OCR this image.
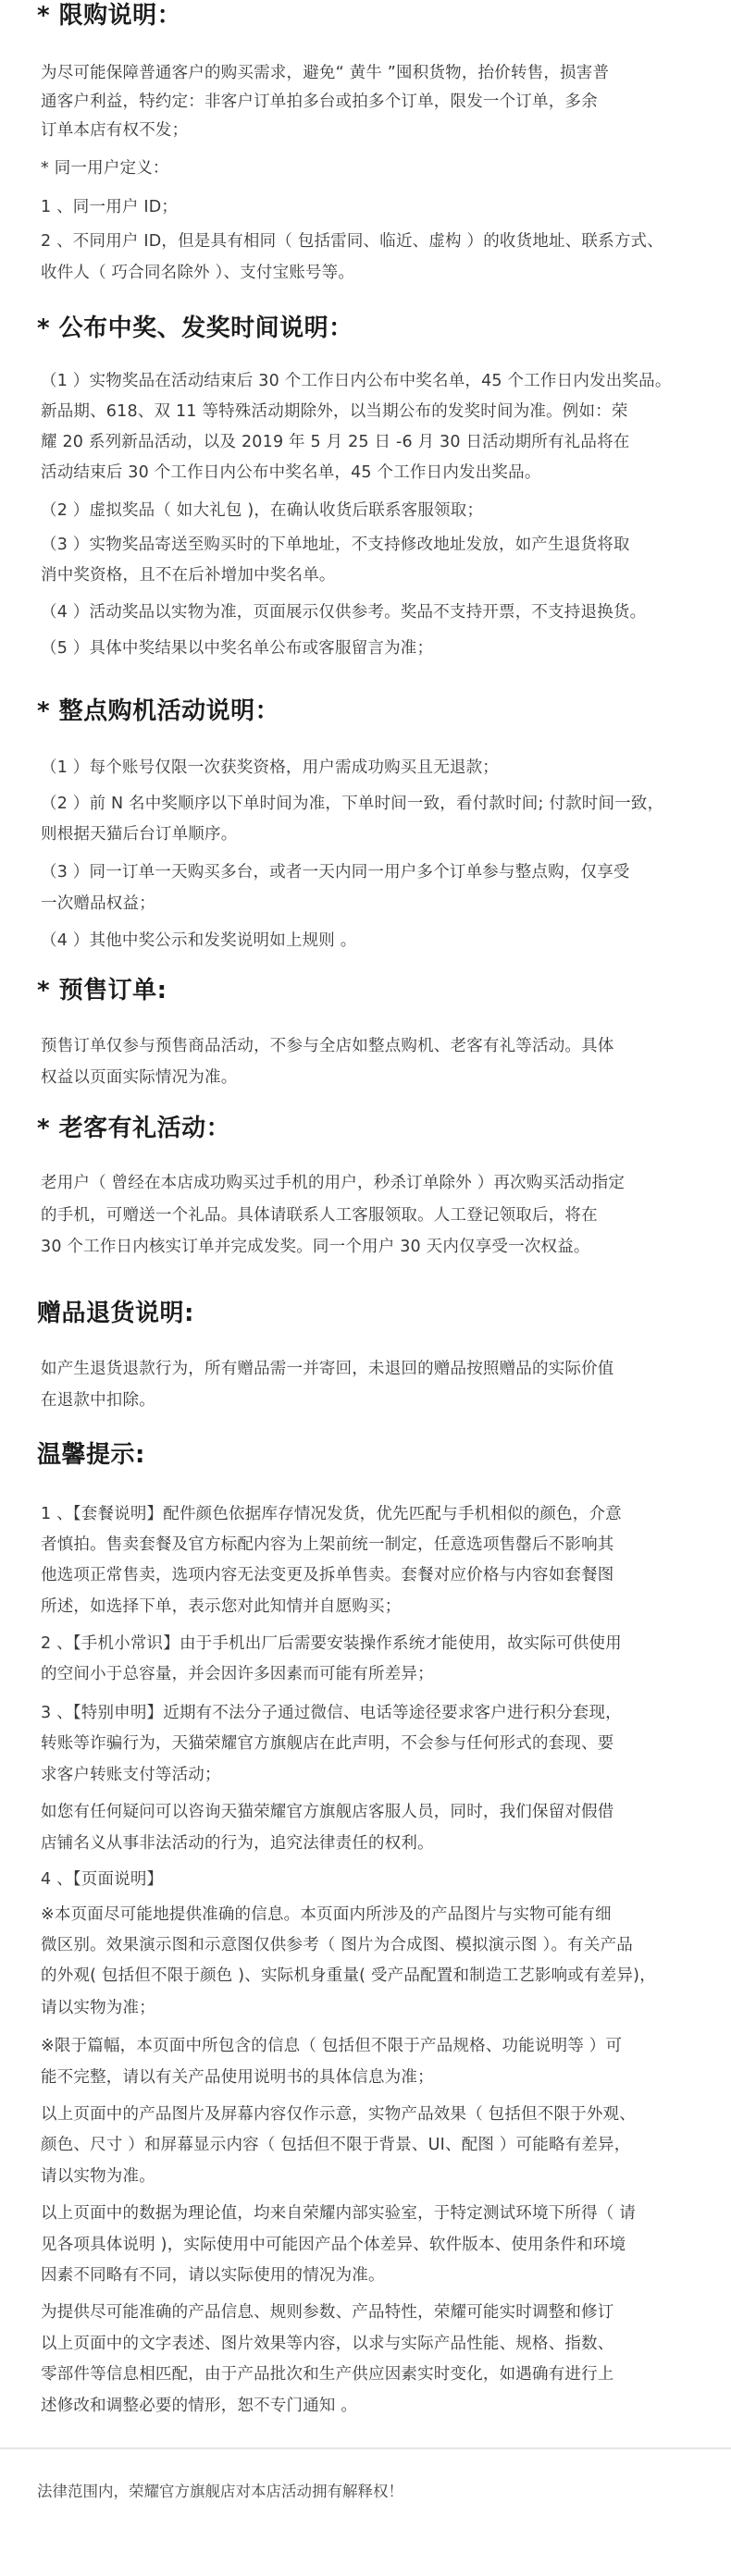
* 限购说明：
为尽可能保障普通客户的购买需求，避免“ 黄牛 ”囤积货物，抬价转售，损害普
通客户利益，特约定：非客户订单拍多台或拍多个订单，限发一个订单，多余
订单本店有权不发；
* 同一用户定义：
1 、同一用户 ID；
2 、不同用户 ID，但是具有相同（ 包括雷同、临近、虚构 ）的收货地址、联系方式、
收件人（ 巧合同名除外 ）、支付宝账号等。
* 公布中奖、发奖时间说明：
（1 ）实物奖品在活动结束后 30 个工作日内公布中奖名单，45 个工作日内发出奖品。
新品期、618、双 11 等特殊活动期除外，以当期公布的发奖时间为准。例如：荣
耀 20 系列新品活动，以及 2019 年 5 月 25 日 -6 月 30 日活动期所有礼品将在
活动结束后 30 个工作日内公布中奖名单，45 个工作日内发出奖品。
（2 ）虚拟奖品（ 如大礼包 )，在确认收货后联系客服领取；
（3 ）实物奖品寄送至购买时的下单地址，不支持修改地址发放，如产生退货将取
消中奖资格，且不在后补增加中奖名单。
（4 ）活动奖品以实物为准，页面展示仅供参考。奖品不支持开票，不支持退换货。
（5 ）具体中奖结果以中奖名单公布或客服留言为准；
* 整点购机活动说明：
（1 ）每个账号仅限一次获奖资格，用户需成功购买且无退款；
（2 ）前 N 名中奖顺序以下单时间为准，下单时间一致，看付款时间; 付款时间一致，
则根据天猫后台订单顺序。
（3 ）同一订单一天购买多台，或者一天内同一用户多个订单参与整点购，仅享受
一次赠品权益；
（4 ）其他中奖公示和发奖说明如上规则 。
* 预售订单:
预售订单仅参与预售商品活动，不参与全店如整点购机、老客有礼等活动。具体
权益以页面实际情况为准。
* 老客有礼活动：
老用户（ 曾经在本店成功购买过手机的用户，秒杀订单除外 ）再次购买活动指定
的手机，可赠送一个礼品。具体请联系人工客服领取。人工登记领取后，将在
30 个工作日内核实订单并完成发奖。同一个用户 30 天内仅享受一次权益。
赠品退货说明:
如产生退货退款行为，所有赠品需一并寄回，未退回的赠品按照赠品的实际价值
在退款中扣除。
温馨提示:
1 、【套餐说明】配件颜色依据库存情况发货，优先匹配与手机相似的颜色，介意
者慎拍。售卖套餐及官方标配内容为上架前统一制定，任意选项售罄后不影响其
他选项正常售卖，选项内容无法变更及拆单售卖。套餐对应价格与内容如套餐图
所述，如选择下单，表示您对此知情并自愿购买；
2 、【手机小常识】由于手机出厂后需要安装操作系统才能使用，故实际可供使用
的空间小于总容量，并会因许多因素而可能有所差异；
3 、【特别申明】近期有不法分子通过微信、电话等途径要求客户进行积分套现，
转账等诈骗行为，天猫荣耀官方旗舰店在此声明，不会参与任何形式的套现、要
求客户转账支付等活动；
如您有任何疑问可以咨询天猫荣耀官方旗舰店客服人员，同时，我们保留对假借
店铺名义从事非法活动的行为，追究法律责任的权利。
4 、【页面说明】
※本页面尽可能地提供准确的信息。本页面内所涉及的产品图片与实物可能有细
微区别。效果演示图和示意图仅供参考（ 图片为合成图、模拟演示图 ）。有关产品
的外观( 包括但不限于颜色 )、实际机身重量( 受产品配置和制造工艺影响或有差异)，
请以实物为准；
※限于篇幅，本页面中所包含的信息（ 包括但不限于产品规格、功能说明等 ）可
能不完整，请以有关产品使用说明书的具体信息为准；
以上页面中的产品图片及屏幕内容仅作示意，实物产品效果（ 包括但不限于外观、
颜色、尺寸 ）和屏幕显示内容（ 包括但不限于背景、UI、配图 ）可能略有差异，
请以实物为准。
以上页面中的数据为理论值，均来自荣耀内部实验室，于特定测试环境下所得（ 请
见各项具体说明 )，实际使用中可能因产品个体差异、软件版本、使用条件和环境
因素不同略有不同，请以实际使用的情况为准。
为提供尽可能准确的产品信息、规则参数、产品特性，荣耀可能实时调整和修订
以上页面中的文字表述、图片效果等内容，以求与实际产品性能、规格、指数、
零部件等信息相匹配，由于产品批次和生产供应因素实时变化，如遇确有进行上
述修改和调整必要的情形，恕不专门通知 。
法律范围内，荣耀官方旗舰店对本店活动拥有解释权！
